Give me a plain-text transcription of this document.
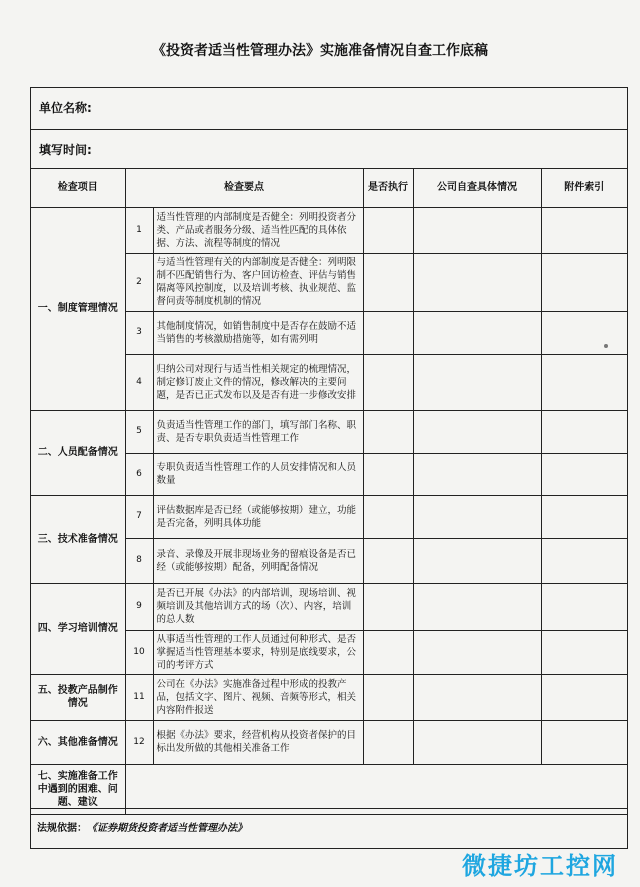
《投资者适当性管理办法》实施准备情况自查工作底稿
单位名称:
填写时间:
检查项目	检查要点		是否执行	公司自查具体情况	附件索引
一、制度管理情况	1	适当性管理的内部制度是否健全：列明投资者分类、产品或者服务分级、适当性匹配的具体依据、方法、流程等制度的情况			
	2	与适当性管理有关的内部制度是否健全：列明限制不匹配销售行为、客户回访检查、评估与销售隔离等风控制度，以及培训考核、执业规范、监督问责等制度机制的情况			
	3	其他制度情况，如销售制度中是否存在鼓励不适当销售的考核激励措施等，如有需列明			
	4	归纳公司对现行与适当性相关规定的梳理情况，制定修订废止文件的情况，修改解决的主要问题，是否已正式发布以及是否有进一步修改安排			
二、人员配备情况	5	负责适当性管理工作的部门，填写部门名称、职责、是否专职负责适当性管理工作			
	6	专职负责适当性管理工作的人员安排情况和人员数量			
三、技术准备情况	7	评估数据库是否已经（或能够按期）建立，功能是否完备，列明具体功能			
	8	录音、录像及开展非现场业务的留痕设备是否已经（或能够按期）配备，列明配备情况			
四、学习培训情况	9	是否已开展《办法》的内部培训，现场培训、视频培训及其他培训方式的场（次）、内容，培训的总人数			
	10	从事适当性管理的工作人员通过何种形式、是否掌握适当性管理基本要求，特别是底线要求，公司的考评方式			
五、投教产品制作情况	11	公司在《办法》实施准备过程中形成的投教产品，包括文字、图片、视频、音频等形式，相关内容附件报送			
六、其他准备情况	12	根据《办法》要求，经营机构从投资者保护的目标出发所做的其他相关准备工作			
七、实施准备工作中遇到的困难、问题、建议					
法规依据：《证券期货投资者适当性管理办法》
微捷坊工控网
